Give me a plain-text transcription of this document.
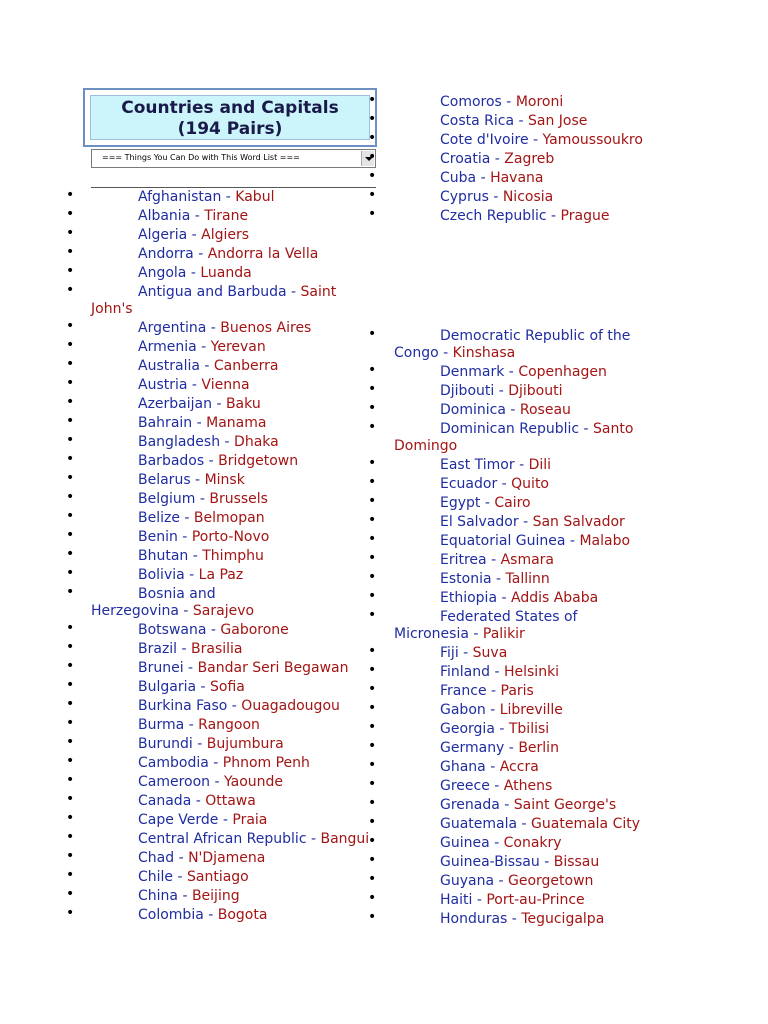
Countries and Capitals
(194 Pairs)
=== Things You Can Do with This Word List ===
•	Afghanistan - Kabul
•	Albania - Tirane
•	Algeria - Algiers
•	Andorra - Andorra la Vella
•	Angola - Luanda
•	Antigua and Barbuda - Saint
John's
•	Argentina - Buenos Aires
•	Armenia - Yerevan
•	Australia - Canberra
•	Austria - Vienna
•	Azerbaijan - Baku
•	Bahrain - Manama
•	Bangladesh - Dhaka
•	Barbados - Bridgetown
•	Belarus - Minsk
•	Belgium - Brussels
•	Belize - Belmopan
•	Benin - Porto-Novo
•	Bhutan - Thimphu
•	Bolivia - La Paz
•	Bosnia and
Herzegovina - Sarajevo
•	Botswana - Gaborone
•	Brazil - Brasilia
•	Brunei - Bandar Seri Begawan
•	Bulgaria - Sofia
•	Burkina Faso - Ouagadougou
•	Burma - Rangoon
•	Burundi - Bujumbura
•	Cambodia - Phnom Penh
•	Cameroon - Yaounde
•	Canada - Ottawa
•	Cape Verde - Praia
•	Central African Republic - Bangui
•	Chad - N'Djamena
•	Chile - Santiago
•	China - Beijing
•	Colombia - Bogota
•	Comoros - Moroni
•	Costa Rica - San Jose
•	Cote d'Ivoire - Yamoussoukro
•	Croatia - Zagreb
•	Cuba - Havana
•	Cyprus - Nicosia
•	Czech Republic - Prague
•	Democratic Republic of the
Congo - Kinshasa
•	Denmark - Copenhagen
•	Djibouti - Djibouti
•	Dominica - Roseau
•	Dominican Republic - Santo
Domingo
•	East Timor - Dili
•	Ecuador - Quito
•	Egypt - Cairo
•	El Salvador - San Salvador
•	Equatorial Guinea - Malabo
•	Eritrea - Asmara
•	Estonia - Tallinn
•	Ethiopia - Addis Ababa
•	Federated States of
Micronesia - Palikir
•	Fiji - Suva
•	Finland - Helsinki
•	France - Paris
•	Gabon - Libreville
•	Georgia - Tbilisi
•	Germany - Berlin
•	Ghana - Accra
•	Greece - Athens
•	Grenada - Saint George's
•	Guatemala - Guatemala City
•	Guinea - Conakry
•	Guinea-Bissau - Bissau
•	Guyana - Georgetown
•	Haiti - Port-au-Prince
•	Honduras - Tegucigalpa
